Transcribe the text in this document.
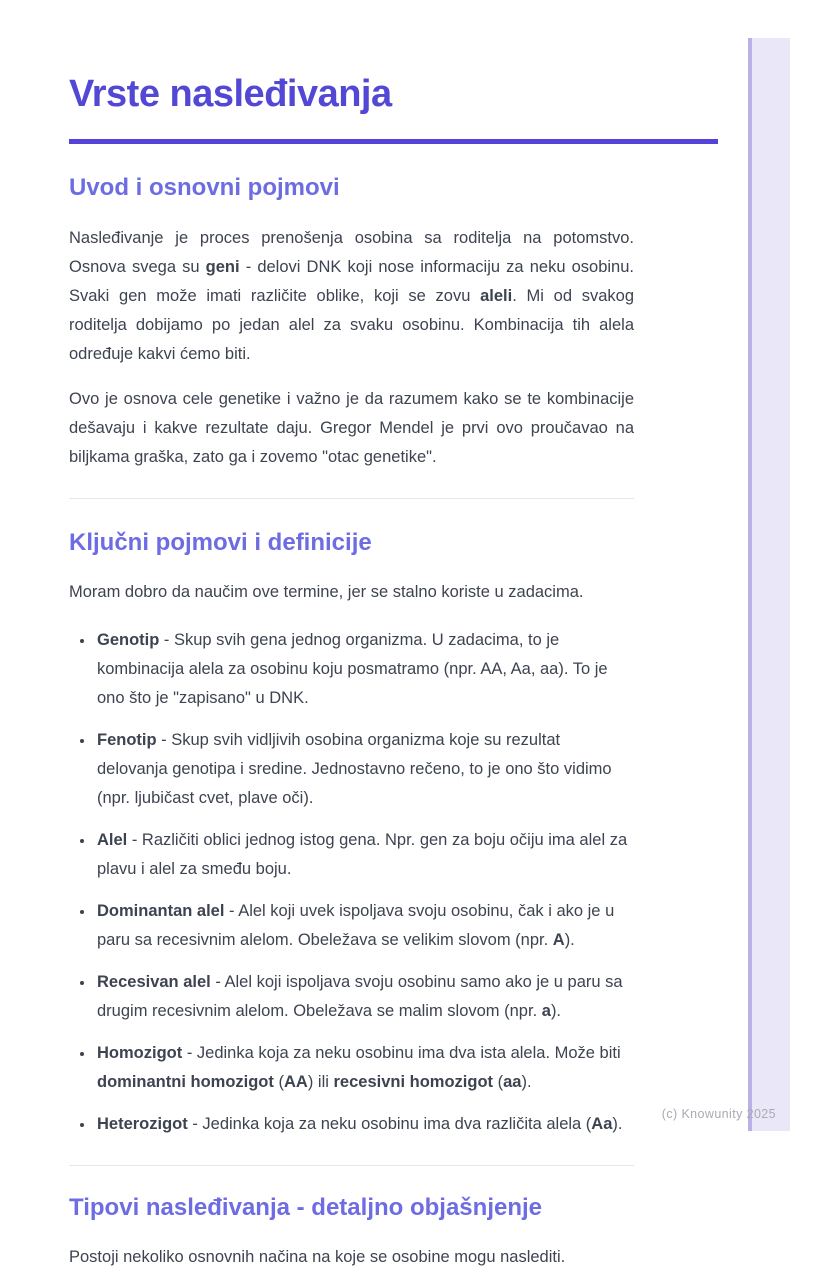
Vrste nasleđivanja
Uvod i osnovni pojmovi

Nasleđivanje je proces prenošenja osobina sa roditelja na potomstvo. Osnova svega su geni - delovi DNK koji nose informaciju za neku osobinu. Svaki gen može imati različite oblike, koji se zovu aleli. Mi od svakog roditelja dobijamo po jedan alel za svaku osobinu. Kombinacija tih alela određuje kakvi ćemo biti.

Ovo je osnova cele genetike i važno je da razumem kako se te kombinacije dešavaju i kakve rezultate daju. Gregor Mendel je prvi ovo proučavao na biljkama graška, zato ga i zovemo "otac genetike".

Ključni pojmovi i definicije

Moram dobro da naučim ove termine, jer se stalno koriste u zadacima.

• Genotip - Skup svih gena jednog organizma. U zadacima, to je kombinacija alela za osobinu koju posmatramo (npr. AA, Aa, aa). To je ono što je "zapisano" u DNK.
• Fenotip - Skup svih vidljivih osobina organizma koje su rezultat delovanja genotipa i sredine. Jednostavno rečeno, to je ono što vidimo (npr. ljubičast cvet, plave oči).
• Alel - Različiti oblici jednog istog gena. Npr. gen za boju očiju ima alel za plavu i alel za smeđu boju.
• Dominantan alel - Alel koji uvek ispoljava svoju osobinu, čak i ako je u paru sa recesivnim alelom. Obeležava se velikim slovom (npr. A).
• Recesivan alel - Alel koji ispoljava svoju osobinu samo ako je u paru sa drugim recesivnim alelom. Obeležava se malim slovom (npr. a).
• Homozigot - Jedinka koja za neku osobinu ima dva ista alela. Može biti dominantni homozigot (AA) ili recesivni homozigot (aa).
• Heterozigot - Jedinka koja za neku osobinu ima dva različita alela (Aa).
Tipovi nasleđivanja - detaljno objašnjenje

Postoji nekoliko osnovnih načina na koje se osobine mogu naslediti.

(c) Knowunity 2025
